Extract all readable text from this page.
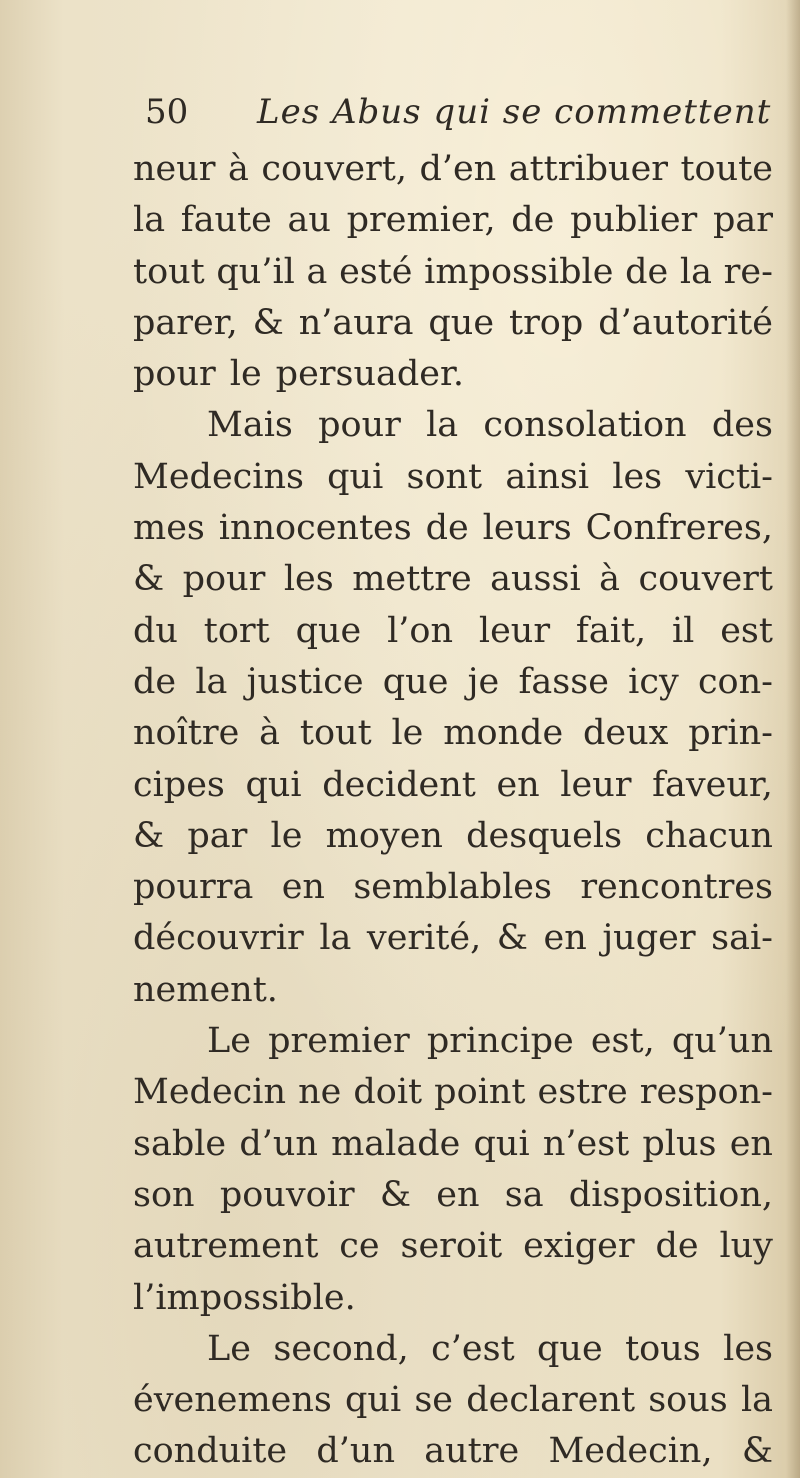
50	Les Abus qui se commettent
neur à couvert, d’en attribuer toute
la faute au premier, de publier par
tout qu’il a esté impossible de la re-
parer, & n’aura que trop d’autorité
pour le persuader.
Mais pour la consolation des
Medecins qui sont ainsi les victi-
mes innocentes de leurs Confreres,
& pour les mettre aussi à couvert
du tort que l’on leur fait, il est
de la justice que je fasse icy con-
noître à tout le monde deux prin-
cipes qui decident en leur faveur,
& par le moyen desquels chacun
pourra en semblables rencontres
découvrir la verité, & en juger sai-
nement.
Le premier principe est, qu’un
Medecin ne doit point estre respon-
sable d’un malade qui n’est plus en
son pouvoir & en sa disposition,
autrement ce seroit exiger de luy
l’impossible.
Le second, c’est que tous les
évenemens qui se declarent sous la
conduite d’un autre Medecin, &
